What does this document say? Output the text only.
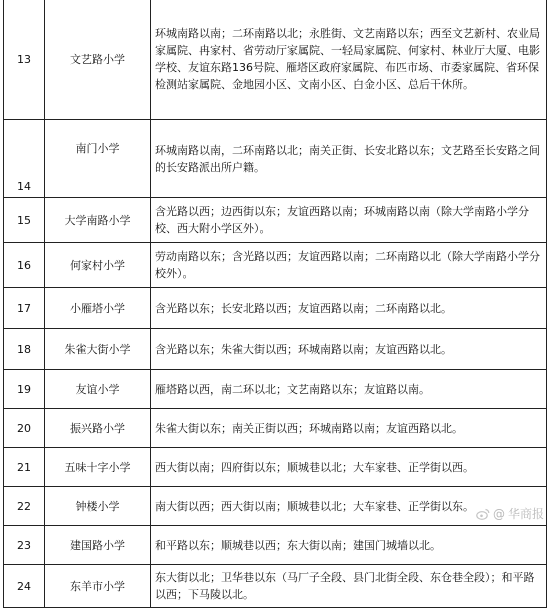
13	文艺路小学	环城南路以南；二环南路以北；永胜街、文艺南路以东；西至文艺新村、农业局家属院、冉家村、省劳动厅家属院、一轻局家属院、何家村、林业厅大厦、电影学校、友谊东路136号院、雁塔区政府家属院、布匹市场、市委家属院、省环保检测站家属院、金地园小区、文南小区、白金小区、总后干休所。
14	南门小学	环城南路以南，二环南路以北；南关正街、长安北路以东；文艺路至长安路之间的长安路派出所户籍。
15	大学南路小学	含光路以西；边西街以东；友谊西路以南；环城南路以南（除大学南路小学分校、西大附小学区外）。
16	何家村小学	劳动南路以东；含光路以西；友谊西路以南；二环南路以北（除大学南路小学分校外）。
17	小雁塔小学	含光路以东；长安北路以西；友谊西路以南；二环南路以北。
18	朱雀大街小学	含光路以东；朱雀大街以西；环城南路以南；友谊西路以北。
19	友谊小学	雁塔路以西，南二环以北；文艺南路以东；友谊路以南。
20	振兴路小学	朱雀大街以东；南关正街以西；环城南路以南；友谊西路以北。
21	五味十字小学	西大街以南；四府街以东；顺城巷以北；大车家巷、正学街以西。
22	钟楼小学	南大街以西；西大街以南；顺城巷以北；大车家巷、正学街以东。
23	建国路小学	和平路以东；顺城巷以西；东大街以南；建国门城墙以北。
24	东羊市小学	东大街以北；卫华巷以东（马厂子全段、县门北街全段、东仓巷全段）；和平路以西；下马陵以北。
@ 华商报
